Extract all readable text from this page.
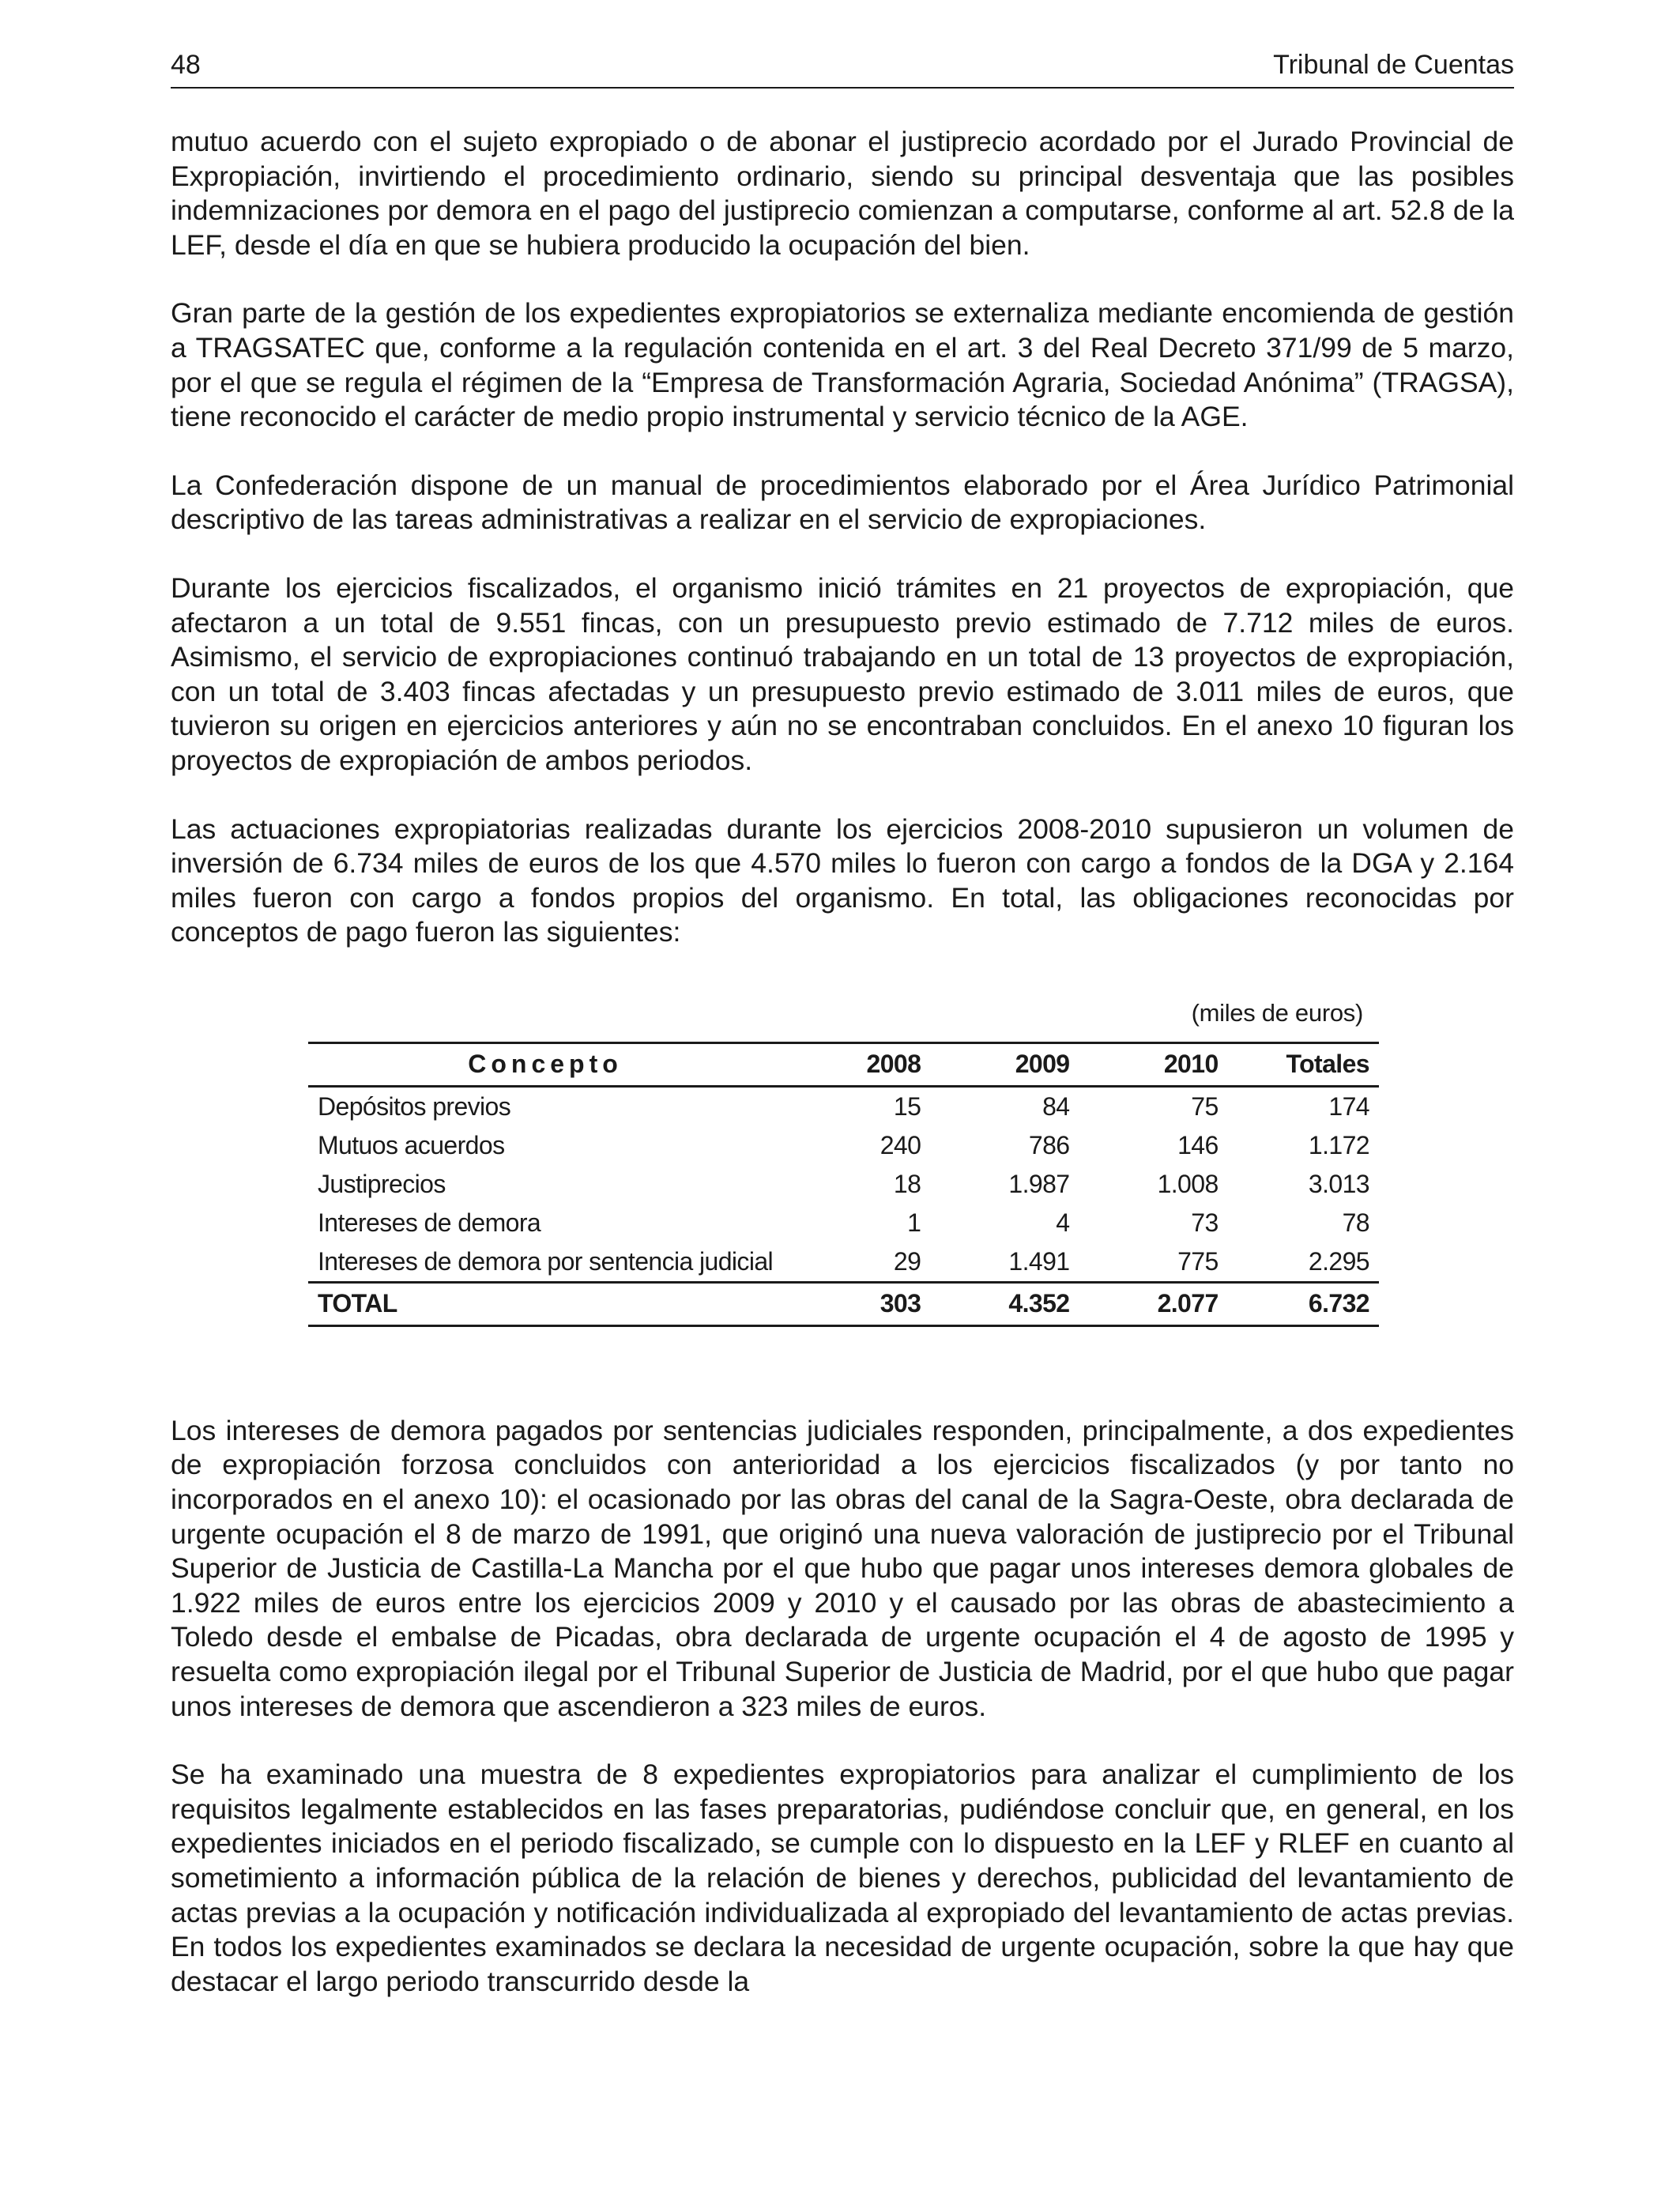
48	Tribunal de Cuentas

mutuo acuerdo con el sujeto expropiado o de abonar el justiprecio acordado por el Jurado Provincial de Expropiación, invirtiendo el procedimiento ordinario, siendo su principal desventaja que las posibles indemnizaciones por demora en el pago del justiprecio comienzan a computarse, conforme al art. 52.8 de la LEF, desde el día en que se hubiera producido la ocupación del bien.

Gran parte de la gestión de los expedientes expropiatorios se externaliza mediante encomienda de gestión a TRAGSATEC que, conforme a la regulación contenida en el art. 3 del Real Decreto 371/99 de 5 marzo, por el que se regula el régimen de la “Empresa de Transformación Agraria, Sociedad Anónima” (TRAGSA), tiene reconocido el carácter de medio propio instrumental y servicio técnico de la AGE.

La Confederación dispone de un manual de procedimientos elaborado por el Área Jurídico Patrimonial descriptivo de las tareas administrativas a realizar en el servicio de expropiaciones.

Durante los ejercicios fiscalizados, el organismo inició trámites en 21 proyectos de expropiación, que afectaron a un total de 9.551 fincas, con un presupuesto previo estimado de 7.712 miles de euros. Asimismo, el servicio de expropiaciones continuó trabajando en un total de 13 proyectos de expropiación, con un total de 3.403 fincas afectadas y un presupuesto previo estimado de 3.011 miles de euros, que tuvieron su origen en ejercicios anteriores y aún no se encontraban concluidos. En el anexo 10 figuran los proyectos de expropiación de ambos periodos.

Las actuaciones expropiatorias realizadas durante los ejercicios 2008-2010 supusieron un volumen de inversión de 6.734 miles de euros de los que 4.570 miles lo fueron con cargo a fondos de la DGA y 2.164 miles fueron con cargo a fondos propios del organismo. En total, las obligaciones reconocidas por conceptos de pago fueron las siguientes:

(miles de euros)
Concepto	2008	2009	2010	Totales
Depósitos previos	15	84	75	174
Mutuos acuerdos	240	786	146	1.172
Justiprecios	18	1.987	1.008	3.013
Intereses de demora	1	4	73	78
Intereses de demora por sentencia judicial	29	1.491	775	2.295
TOTAL	303	4.352	2.077	6.732

Los intereses de demora pagados por sentencias judiciales responden, principalmente, a dos expedientes de expropiación forzosa concluidos con anterioridad a los ejercicios fiscalizados (y por tanto no incorporados en el anexo 10): el ocasionado por las obras del canal de la Sagra-Oeste, obra declarada de urgente ocupación el 8 de marzo de 1991, que originó una nueva valoración de justiprecio por el Tribunal Superior de Justicia de Castilla-La Mancha por el que hubo que pagar unos intereses demora globales de 1.922 miles de euros entre los ejercicios 2009 y 2010 y el causado por las obras de abastecimiento a Toledo desde el embalse de Picadas, obra declarada de urgente ocupación el 4 de agosto de 1995 y resuelta como expropiación ilegal por el Tribunal Superior de Justicia de Madrid, por el que hubo que pagar unos intereses de demora que ascendieron a 323 miles de euros.

Se ha examinado una muestra de 8 expedientes expropiatorios para analizar el cumplimiento de los requisitos legalmente establecidos en las fases preparatorias, pudiéndose concluir que, en general, en los expedientes iniciados en el periodo fiscalizado, se cumple con lo dispuesto en la LEF y RLEF en cuanto al sometimiento a información pública de la relación de bienes y derechos, publicidad del levantamiento de actas previas a la ocupación y notificación individualizada al expropiado del levantamiento de actas previas. En todos los expedientes examinados se declara la necesidad de urgente ocupación, sobre la que hay que destacar el largo periodo transcurrido desde la
